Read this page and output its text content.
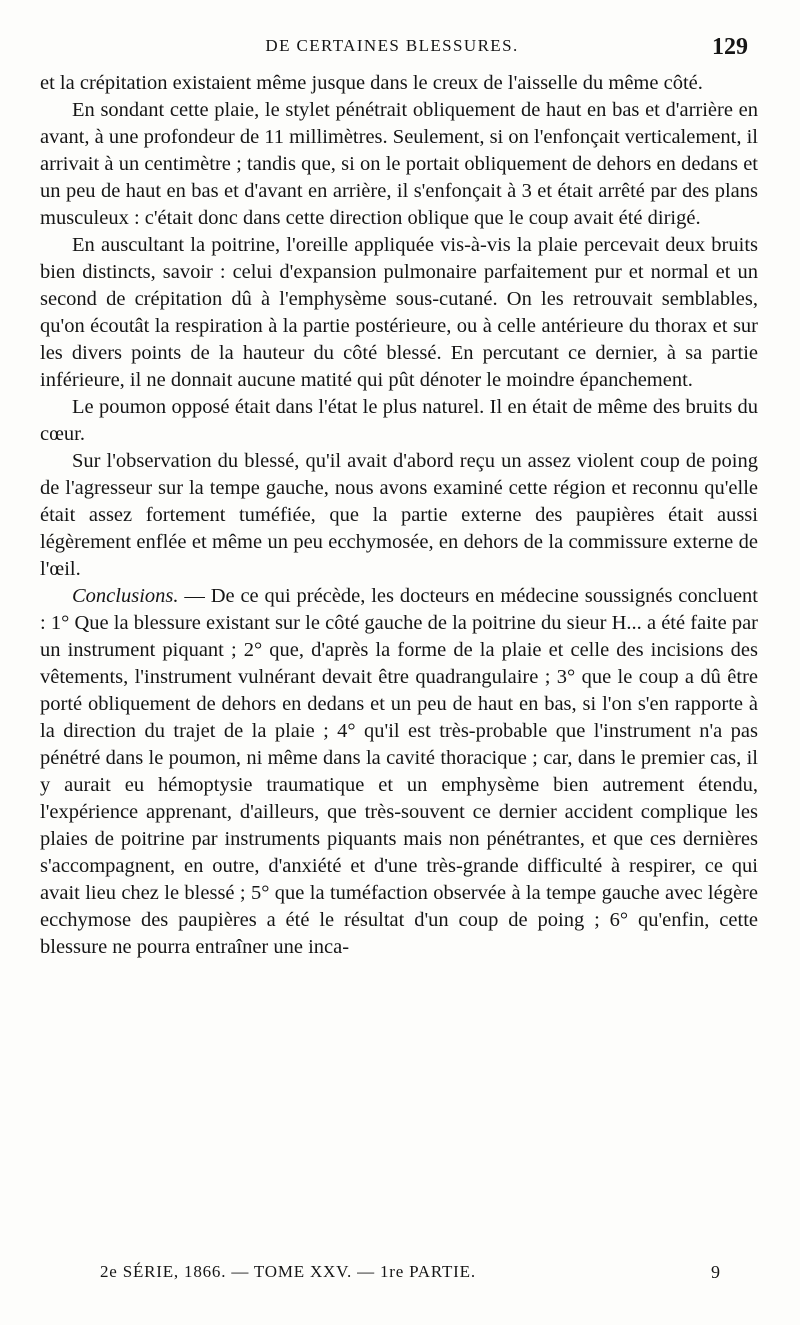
DE CERTAINES BLESSURES.	129

et la crépitation existaient même jusque dans le creux de l'aisselle du même côté.

En sondant cette plaie, le stylet pénétrait obliquement de haut en bas et d'arrière en avant, à une profondeur de 11 millimètres. Seulement, si on l'enfonçait verticalement, il arrivait à un centimètre ; tandis que, si on le portait obliquement de dehors en dedans et un peu de haut en bas et d'avant en arrière, il s'enfonçait à 3 et était arrêté par des plans musculeux : c'était donc dans cette direction oblique que le coup avait été dirigé.

En auscultant la poitrine, l'oreille appliquée vis-à-vis la plaie percevait deux bruits bien distincts, savoir : celui d'expansion pulmonaire parfaitement pur et normal et un second de crépitation dû à l'emphysème sous-cutané. On les retrouvait semblables, qu'on écoutât la respiration à la partie postérieure, ou à celle antérieure du thorax et sur les divers points de la hauteur du côté blessé. En percutant ce dernier, à sa partie inférieure, il ne donnait aucune matité qui pût dénoter le moindre épanchement.

Le poumon opposé était dans l'état le plus naturel. Il en était de même des bruits du cœur.

Sur l'observation du blessé, qu'il avait d'abord reçu un assez violent coup de poing de l'agresseur sur la tempe gauche, nous avons examiné cette région et reconnu qu'elle était assez fortement tuméfiée, que la partie externe des paupières était aussi légèrement enflée et même un peu ecchymosée, en dehors de la commissure externe de l'œil.

Conclusions. — De ce qui précède, les docteurs en médecine soussignés concluent : 1° Que la blessure existant sur le côté gauche de la poitrine du sieur H... a été faite par un instrument piquant ; 2° que, d'après la forme de la plaie et celle des incisions des vêtements, l'instrument vulnérant devait être quadrangulaire ; 3° que le coup a dû être porté obliquement de dehors en dedans et un peu de haut en bas, si l'on s'en rapporte à la direction du trajet de la plaie ; 4° qu'il est très-probable que l'instrument n'a pas pénétré dans le poumon, ni même dans la cavité thoracique ; car, dans le premier cas, il y aurait eu hémoptysie traumatique et un emphysème bien autrement étendu, l'expérience apprenant, d'ailleurs, que très-souvent ce dernier accident complique les plaies de poitrine par instruments piquants mais non pénétrantes, et que ces dernières s'accompagnent, en outre, d'anxiété et d'une très-grande difficulté à respirer, ce qui avait lieu chez le blessé ; 5° que la tuméfaction observée à la tempe gauche avec légère ecchymose des paupières a été le résultat d'un coup de poing ; 6° qu'enfin, cette blessure ne pourra entraîner une inca-

2e SÉRIE, 1866. — TOME XXV. — 1re PARTIE.	9
